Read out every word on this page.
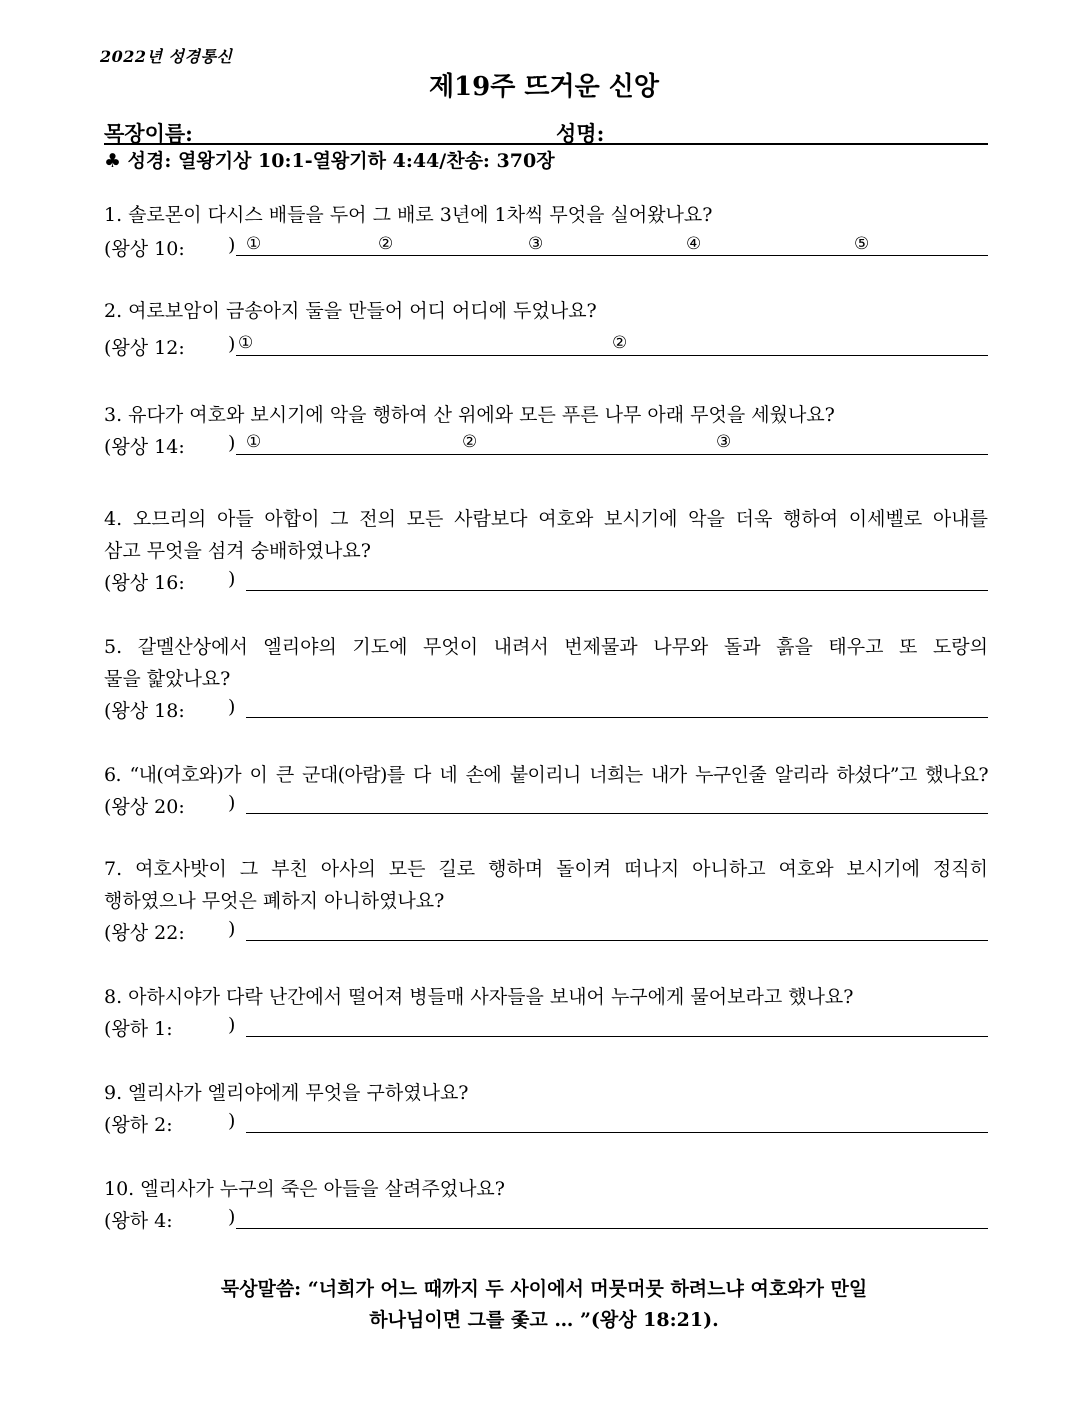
2022년 성경통신
제19주 뜨거운 신앙
목장이름:	성명:
♣ 성경: 열왕기상 10:1-열왕기하 4:44/찬송: 370장
1. 솔로몬이 다시스 배들을 두어 그 배로 3년에 1차씩 무엇을 실어왔나요?
(왕상 10: ) ①	②	③	④	⑤
2. 여로보암이 금송아지 둘을 만들어 어디 어디에 두었나요?
(왕상 12: ) ①	②
3. 유다가 여호와 보시기에 악을 행하여 산 위에와 모든 푸른 나무 아래 무엇을 세웠나요?
(왕상 14: ) ①	②	③
4. 오므리의 아들 아합이 그 전의 모든 사람보다 여호와 보시기에 악을 더욱 행하여 이세벨로 아내를
삼고 무엇을 섬겨 숭배하였나요?
(왕상 16: )
5. 갈멜산상에서 엘리야의 기도에 무엇이 내려서 번제물과 나무와 돌과 흙을 태우고 또 도랑의
물을 핥았나요?
(왕상 18: )
6. “내(여호와)가 이 큰 군대(아람)를 다 네 손에 붙이리니 너희는 내가 누구인줄 알리라 하셨다”고 했나요?
(왕상 20: )
7. 여호사밧이 그 부친 아사의 모든 길로 행하며 돌이켜 떠나지 아니하고 여호와 보시기에 정직히
행하였으나 무엇은 폐하지 아니하였나요?
(왕상 22: )
8. 아하시야가 다락 난간에서 떨어져 병들매 사자들을 보내어 누구에게 물어보라고 했나요?
(왕하 1:	)
9. 엘리사가 엘리야에게 무엇을 구하였나요?
(왕하 2:	)
10. 엘리사가 누구의 죽은 아들을 살려주었나요?
(왕하 4:	)
묵상말씀: “너희가 어느 때까지 두 사이에서 머뭇머뭇 하려느냐 여호와가 만일
하나님이면 그를 좇고 … ”(왕상 18:21).
